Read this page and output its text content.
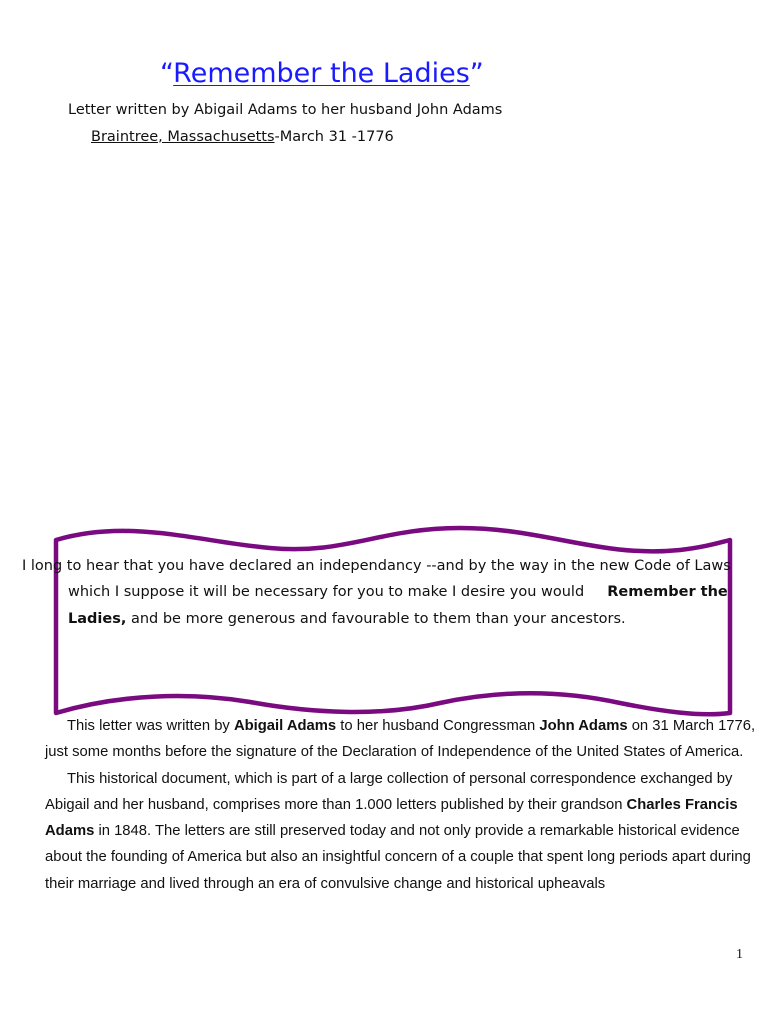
“Remember the Ladies”

Letter written by Abigail Adams to her husband John Adams

Braintree, Massachusetts-March 31 -1776

I long to hear that you have declared an independancy --and by the way in the new Code of Laws

which I suppose it will be necessary for you to make I desire you would Remember the

Ladies, and be more generous and favourable to them than your ancestors.

This letter was written by Abigail Adams to her husband Congressman John Adams on 31 March 1776, just some months before the signature of the Declaration of Independence of the United States of America.

This historical document, which is part of a large collection of personal correspondence exchanged by Abigail and her husband, comprises more than 1.000 letters published by their grandson Charles Francis Adams in 1848. The letters are still preserved today and not only provide a remarkable historical evidence about the founding of America but also an insightful concern of a couple that spent long periods apart during their marriage and lived through an era of convulsive change and historical upheavals

1
